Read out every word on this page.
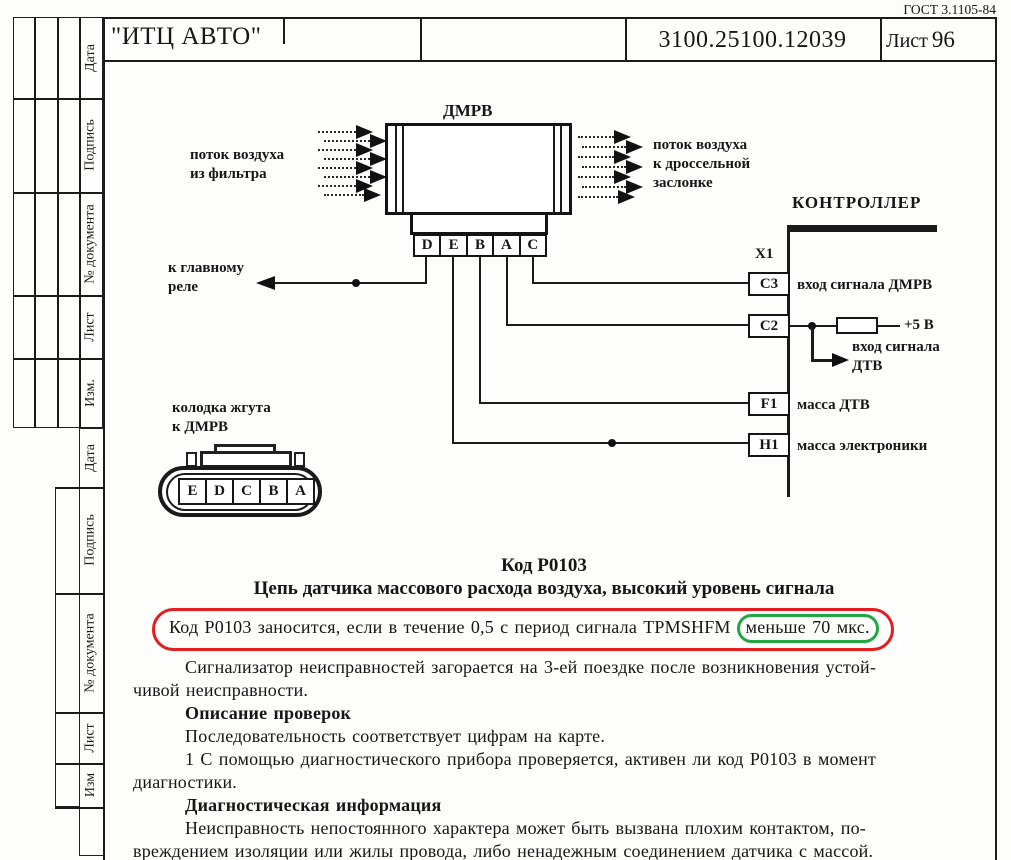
ГОСТ 3.1105-84
"ИТЦ АВТО"	3100.25100.12039	Лист 96
Дата
Подпись
№ документа
Лист
Изм.
Дата
Подпись
№ документа
Лист
Изм
ДМРВ
D	E	B	A	C
поток воздуха
из фильтра
поток воздуха
к дроссельной
заслонке
к главному
реле
КОНТРОЛЛЕР
X1
C3	вход сигнала ДМРВ
C2	+5 В
вход сигнала
ДТВ
F1	масса ДТВ
H1	масса электроники
колодка жгута
к ДМРВ
E	D	C	B	A
Код P0103
Цепь датчика массового расхода воздуха, высокий уровень сигнала
Код P0103 заносится, если в течение 0,5 с период сигнала TPMSHFM меньше 70 мкс.
Сигнализатор неисправностей загорается на 3-ей поездке после возникновения устой-
чивой неисправности.
Описание проверок
Последовательность соответствует цифрам на карте.
1 С помощью диагностического прибора проверяется, активен ли код P0103 в момент
диагностики.
Диагностическая информация
Неисправность непостоянного характера может быть вызвана плохим контактом, по-
вреждением изоляции или жилы провода, либо ненадежным соединением датчика с массой.
